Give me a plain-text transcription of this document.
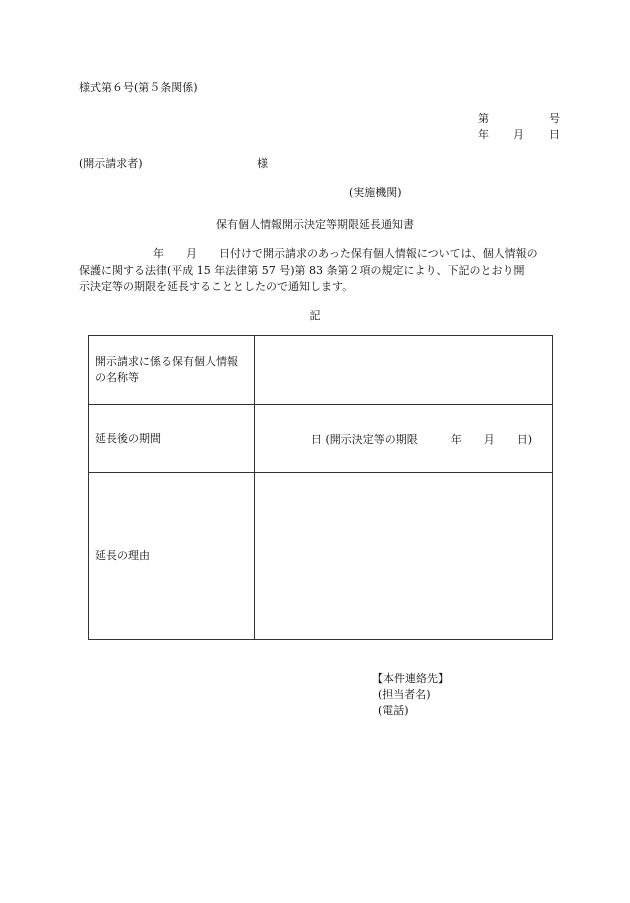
様式第６号(第５条関係)
第	号
年 月 日
(開示請求者)	様
(実施機関)
保有個人情報開示決定等期限延長通知書
年　　月　　日付けで開示請求のあった保有個人情報については、個人情報の
保護に関する法律(平成 15 年法律第 57 号)第 83 条第２項の規定により、下記のとおり開
示決定等の期限を延長することとしたので通知します。
記
開示請求に係る保有個人情報の名称等	
延長後の期間	日 (開示決定等の期限　　　年　　月　　日)
延長の理由	
【本件連絡先】
(担当者名)
(電話)
